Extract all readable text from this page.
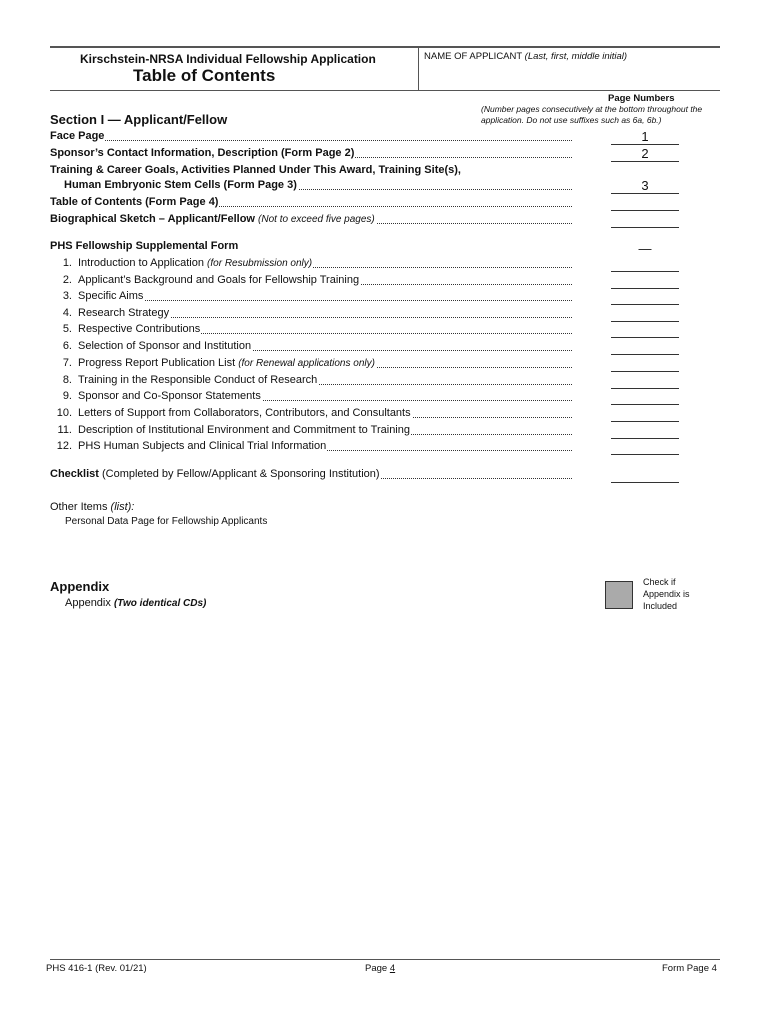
Kirschstein-NRSA Individual Fellowship Application
Table of Contents
NAME OF APPLICANT (Last, first, middle initial)
Page Numbers
(Number pages consecutively at the bottom throughout the application. Do not use suffixes such as 6a, 6b.)
Section I — Applicant/Fellow
Face Page	1
Sponsor’s Contact Information, Description (Form Page 2)	2
Training & Career Goals, Activities Planned Under This Award, Training Site(s),
Human Embryonic Stem Cells (Form Page 3)	3
Table of Contents (Form Page 4)
Biographical Sketch – Applicant/Fellow (Not to exceed five pages)
PHS Fellowship Supplemental Form	—
1. Introduction to Application (for Resubmission only)
2. Applicant’s Background and Goals for Fellowship Training
3. Specific Aims
4. Research Strategy
5. Respective Contributions
6. Selection of Sponsor and Institution
7. Progress Report Publication List (for Renewal applications only)
8. Training in the Responsible Conduct of Research
9. Sponsor and Co-Sponsor Statements
10. Letters of Support from Collaborators, Contributors, and Consultants
11. Description of Institutional Environment and Commitment to Training
12. PHS Human Subjects and Clinical Trial Information
Checklist (Completed by Fellow/Applicant & Sponsoring Institution)
Other Items (list):
Personal Data Page for Fellowship Applicants
Appendix
Appendix (Two identical CDs)
Check if Appendix is Included
PHS 416-1 (Rev. 01/21)	Page 4	Form Page 4
